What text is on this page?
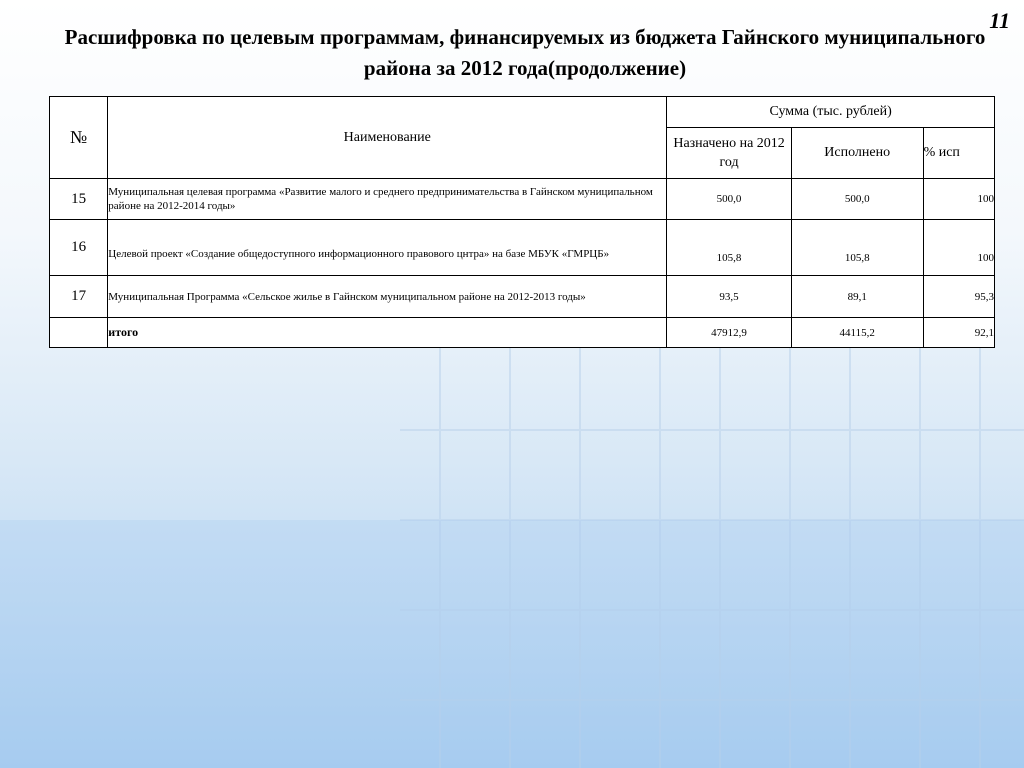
Расшифровка по целевым программам, финансируемых из бюджета Гайнского муниципального района за 2012 года(продолжение)
11
№	Наименование	Сумма (тыс. рублей)		
		Назначено на 2012 год	Исполнено	% исп
15	Муниципальная целевая программа «Развитие малого и среднего предпринимательства в Гайнском муниципальном районе на 2012-2014 годы»	500,0	500,0	100
16	Целевой проект «Создание общедоступного информационного правового цнтра» на базе МБУК «ГМРЦБ»	105,8	105,8	100
17	Муниципальная Программа «Сельское жилье в Гайнском муниципальном районе на 2012-2013 годы»	93,5	89,1	95,3
	итого	47912,9	44115,2	92,1
